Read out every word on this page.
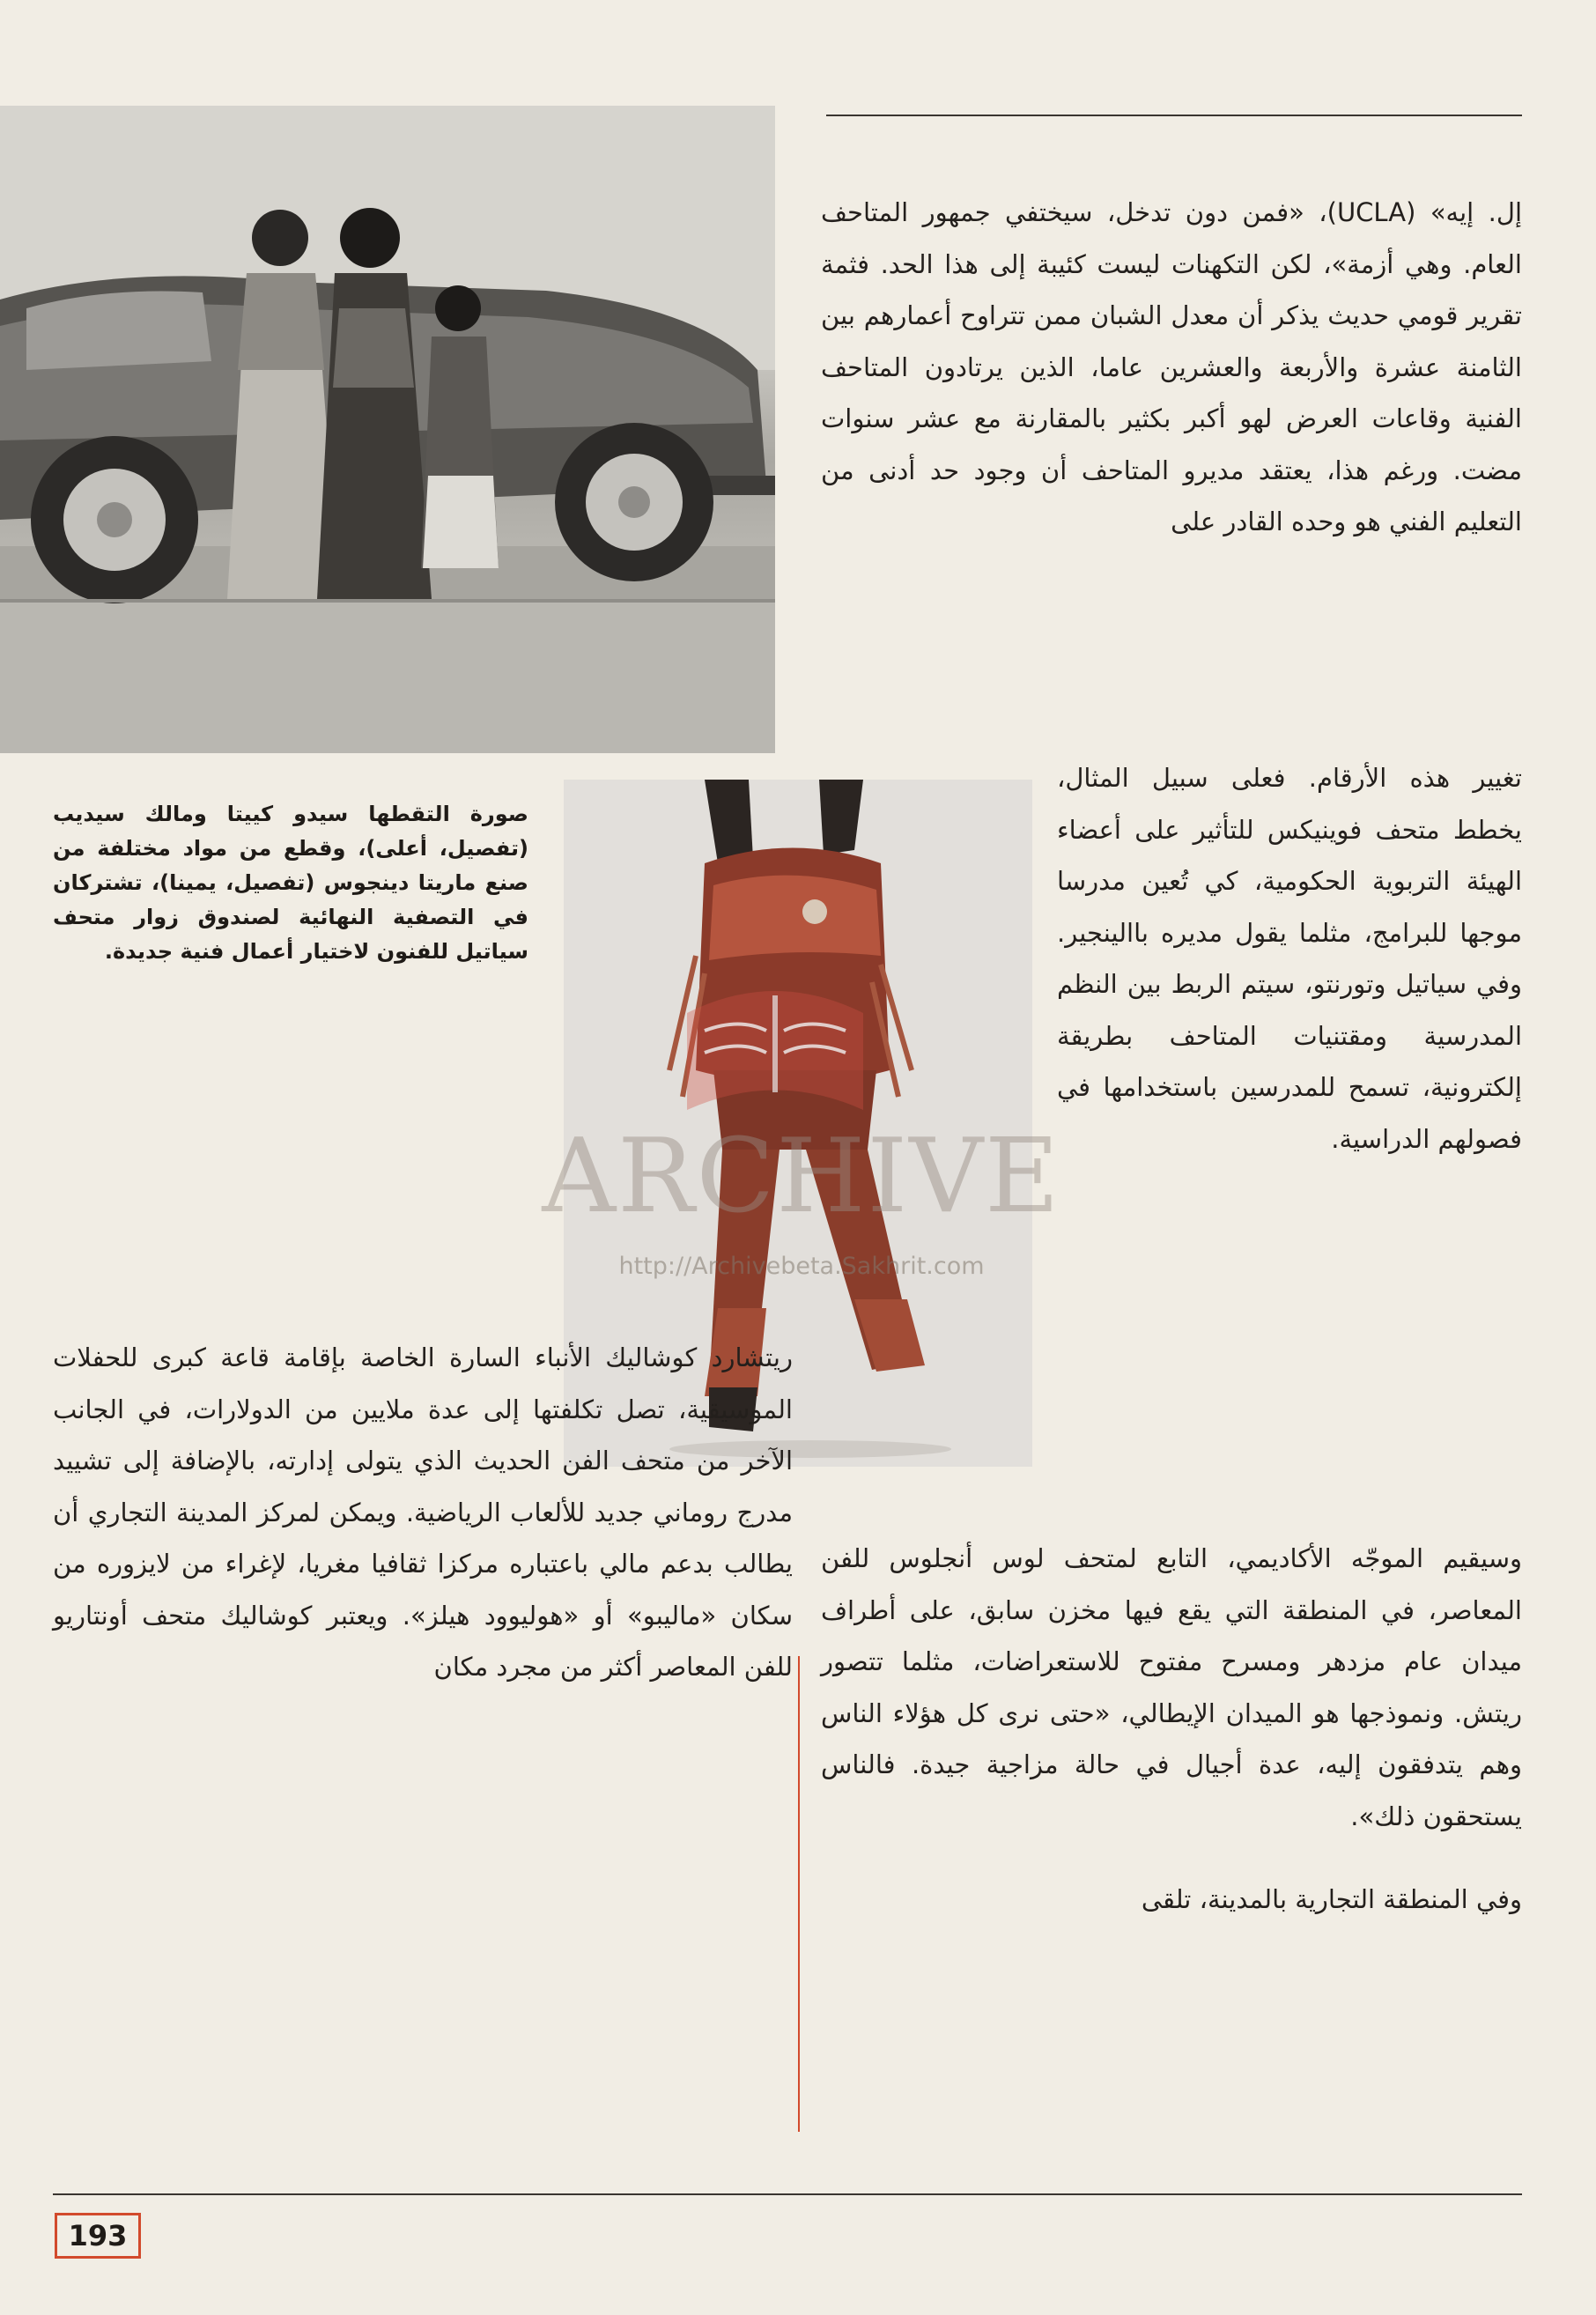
إل. إيه» (UCLA)، «فمن دون تدخل، سيختفي جمهور المتاحف العام. وهي أزمة»، لكن التكهنات ليست كئيبة إلى هذا الحد. فثمة تقرير قومي حديث يذكر أن معدل الشبان ممن تتراوح أعمارهم بين الثامنة عشرة والأربعة والعشرين عاما، الذين يرتادون المتاحف الفنية وقاعات العرض لهو أكبر بكثير بالمقارنة مع عشر سنوات مضت. ورغم هذا، يعتقد مديرو المتاحف أن وجود حد أدنى من التعليم الفني هو وحده القادر على
تغيير هذه الأرقام. فعلى سبيل المثال، يخطط متحف فوينيكس للتأثير على أعضاء الهيئة التربوية الحكومية، كي تُعين مدرسا موجها للبرامج، مثلما يقول مديره باالينجير. وفي سياتيل وتورنتو، سيتم الربط بين النظم المدرسية ومقتنيات المتاحف بطريقة إلكترونية، تسمح للمدرسين باستخدامها في فصولهم الدراسية.
صورة التقطها سيدو كييتا ومالك سيديب (تفصيل، أعلى)، وقطع من مواد مختلفة من صنع ماريتا دينجوس (تفصيل، يمينا)، تشتركان في التصفية النهائية لصندوق زوار متحف سياتيل للفنون لاختيار أعمال فنية جديدة.
ARCHIVE
http://Archivebeta.Sakhrit.com
ريتشارد كوشاليك الأنباء السارة الخاصة بإقامة قاعة كبرى للحفلات الموسيقية، تصل تكلفتها إلى عدة ملايين من الدولارات، في الجانب الآخر من متحف الفن الحديث الذي يتولى إدارته، بالإضافة إلى تشييد مدرج روماني جديد للألعاب الرياضية. ويمكن لمركز المدينة التجاري أن يطالب بدعم مالي باعتباره مركزا ثقافيا مغريا، لإغراء من لايزوره من سكان «ماليبو» أو «هوليوود هيلز». ويعتبر كوشاليك متحف أونتاريو للفن المعاصر أكثر من مجرد مكان
وسيقيم الموجّه الأكاديمي، التابع لمتحف لوس أنجلوس للفن المعاصر، في المنطقة التي يقع فيها مخزن سابق، على أطراف ميدان عام مزدهر ومسرح مفتوح للاستعراضات، مثلما تتصور ريتش. ونموذجها هو الميدان الإيطالي، «حتى نرى كل هؤلاء الناس وهم يتدفقون إليه، عدة أجيال في حالة مزاجية جيدة. فالناس يستحقون ذلك».
وفي المنطقة التجارية بالمدينة، تلقى
193
